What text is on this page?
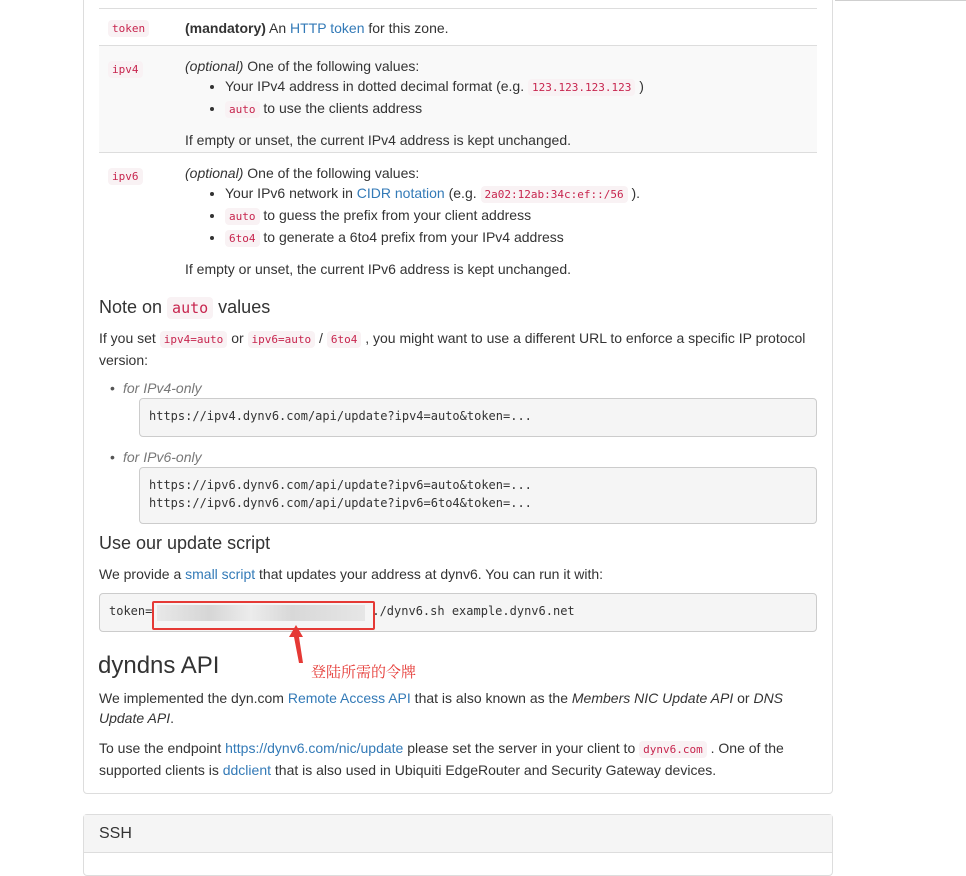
token	(mandatory) An HTTP token for this zone.
ipv4	(optional) One of the following values:
• Your IPv4 address in dotted decimal format (e.g. 123.123.123.123 )
• auto to use the clients address

If empty or unset, the current IPv4 address is kept unchanged.

ipv6	(optional) One of the following values:
• Your IPv6 network in CIDR notation (e.g. 2a02:12ab:34c:ef::/56 ).
• auto to guess the prefix from your client address
• 6to4 to generate a 6to4 prefix from your IPv4 address

If empty or unset, the current IPv6 address is kept unchanged.

Note on auto values
If you set ipv4=auto or ipv6=auto / 6to4 , you might want to use a different URL to enforce a specific IP protocol version:
• for IPv4-only
https://ipv4.dynv6.com/api/update?ipv4=auto&token=...
• for IPv6-only
https://ipv6.dynv6.com/api/update?ipv6=auto&token=...
https://ipv6.dynv6.com/api/update?ipv6=6to4&token=...
Use our update script
We provide a small script that updates your address at dynv6. You can run it with:
token=	./dynv6.sh example.dynv6.net
登陆所需的令牌
dyndns API
We implemented the dyn.com Remote Access API that is also known as the Members NIC Update API or DNS Update API.
To use the endpoint https://dynv6.com/nic/update please set the server in your client to dynv6.com . One of the supported clients is ddclient that is also used in Ubiquiti EdgeRouter and Security Gateway devices.
SSH
